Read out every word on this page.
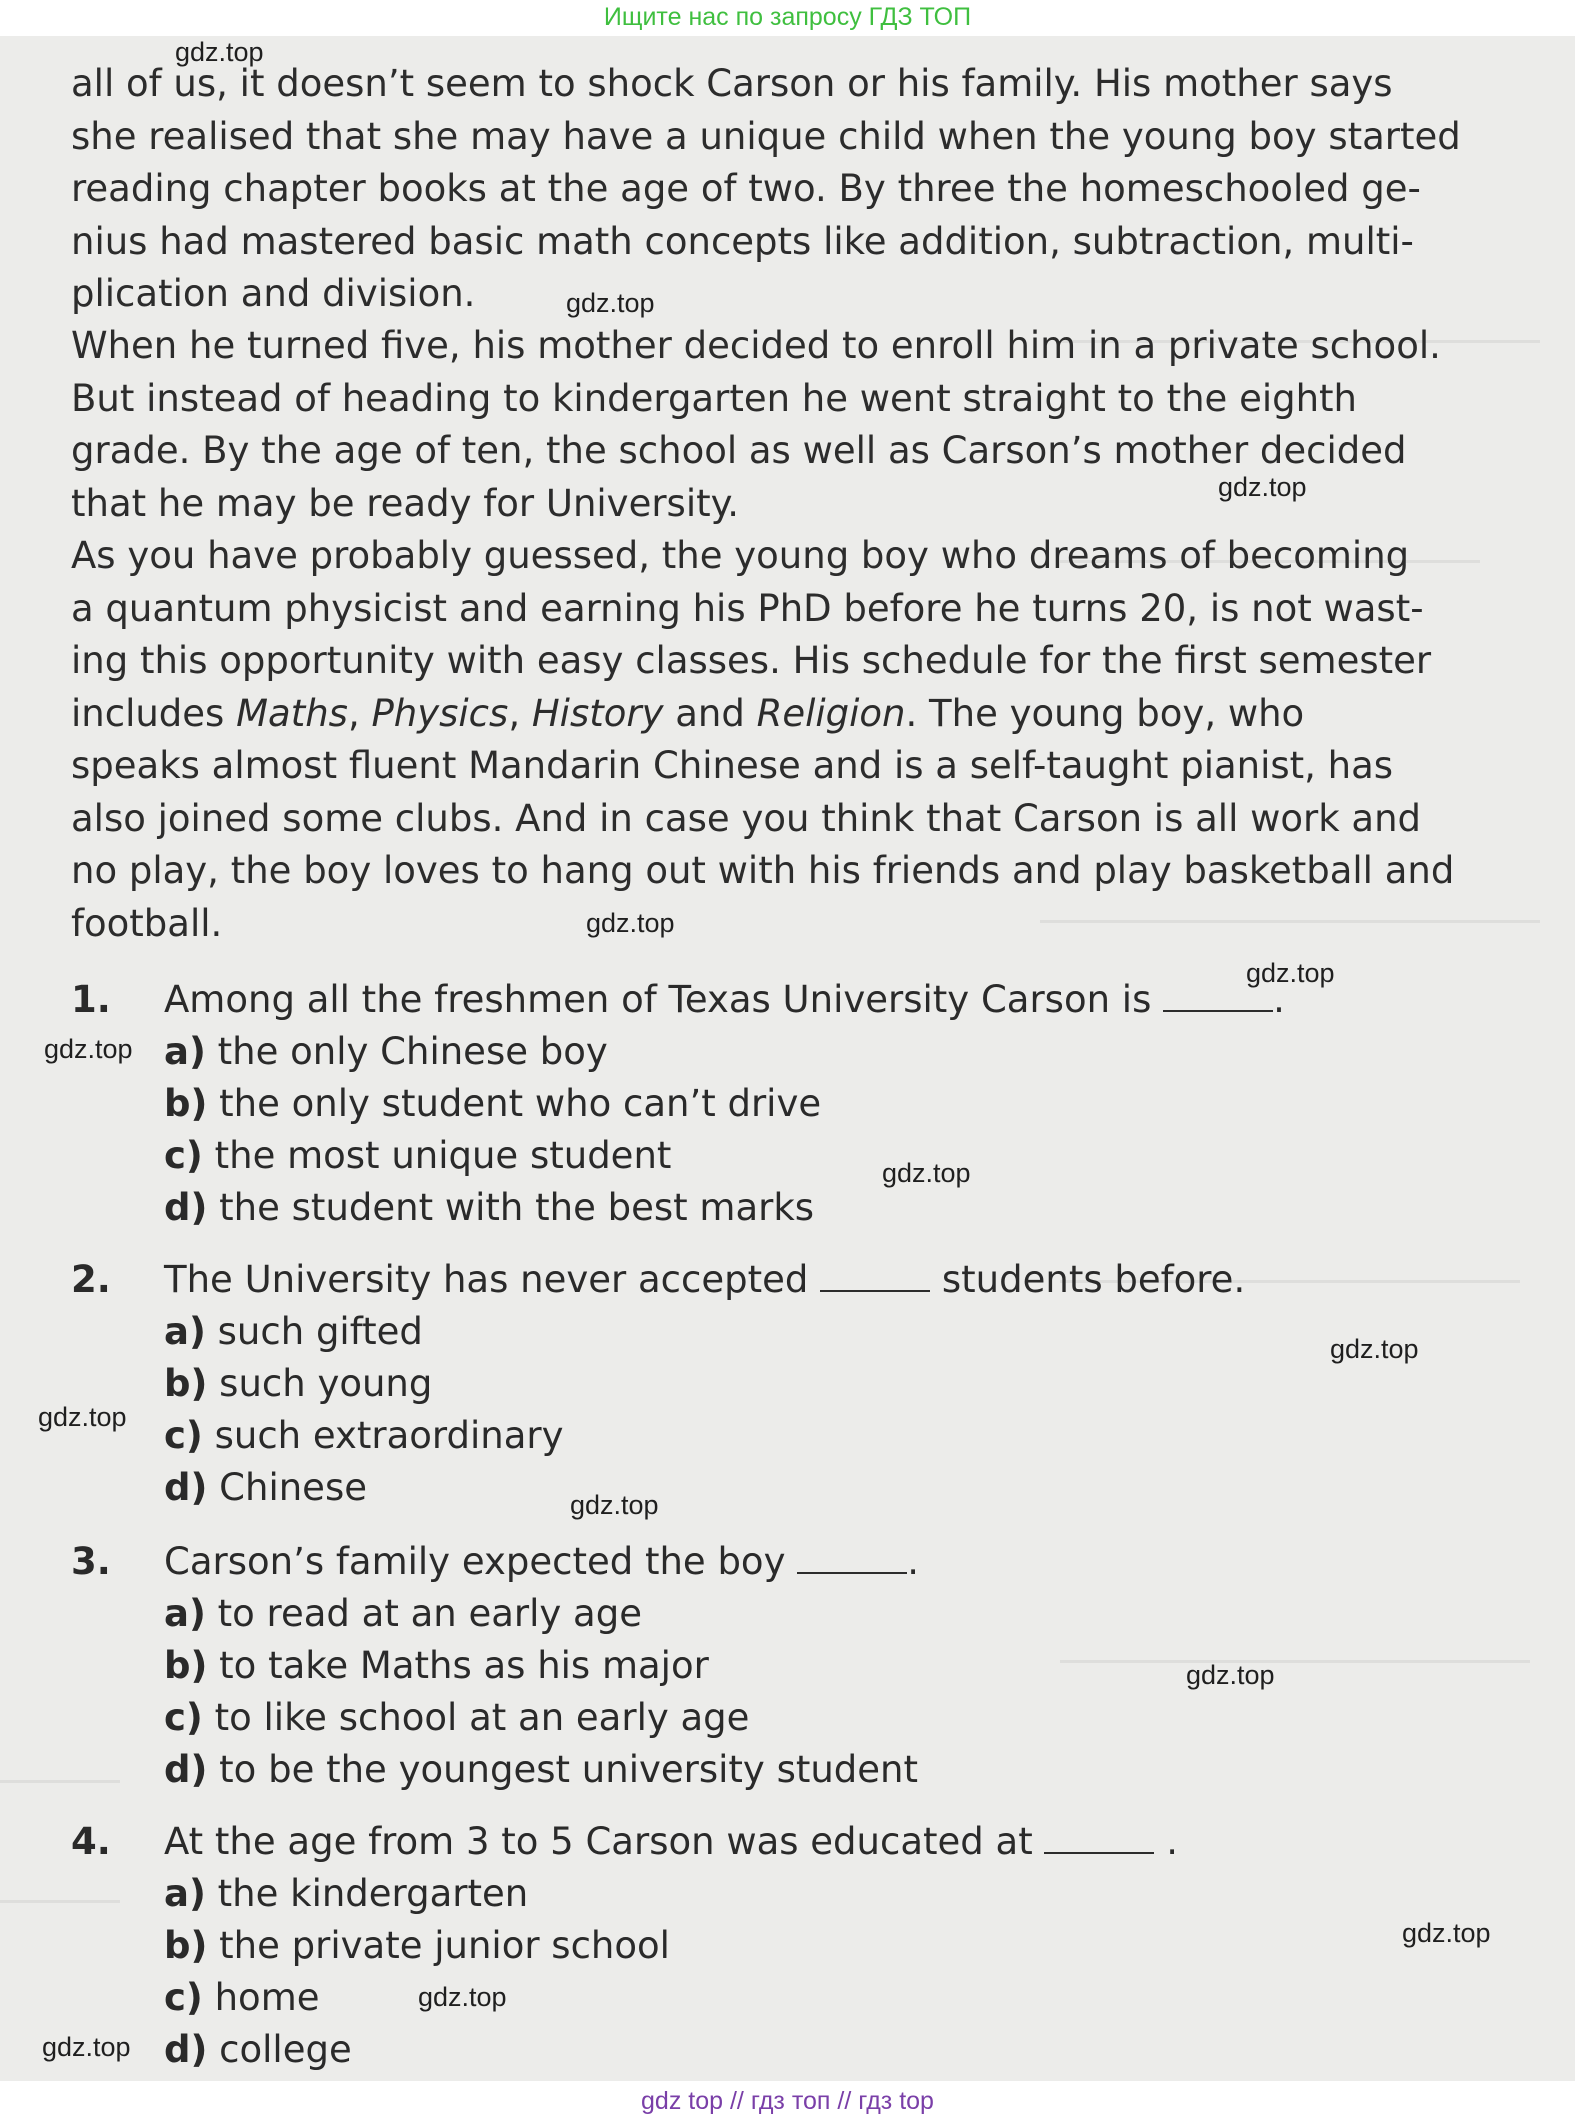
Ищите нас по запросу ГДЗ ТОП
all of us, it doesn’t seem to shock Carson or his family. His mother says
she realised that she may have a unique child when the young boy started
reading chapter books at the age of two. By three the homeschooled ge-
nius had mastered basic math concepts like addition, subtraction, multi-
plication and division.
When he turned five, his mother decided to enroll him in a private school.
But instead of heading to kindergarten he went straight to the eighth
grade. By the age of ten, the school as well as Carson’s mother decided
that he may be ready for University.
As you have probably guessed, the young boy who dreams of becoming
a quantum physicist and earning his PhD before he turns 20, is not wast-
ing this opportunity with easy classes. His schedule for the first semester
includes Maths, Physics, History and Religion. The young boy, who
speaks almost fluent Mandarin Chinese and is a self-taught pianist, has
also joined some clubs. And in case you think that Carson is all work and
no play, the boy loves to hang out with his friends and play basketball and
football.
1. Among all the freshmen of Texas University Carson is	.
a) the only Chinese boy
b) the only student who can’t drive
c) the most unique student
d) the student with the best marks
2. The University has never accepted	students before.
a) such gifted
b) such young
c) such extraordinary
d) Chinese
3. Carson’s family expected the boy	.
a) to read at an early age
b) to take Maths as his major
c) to like school at an early age
d) to be the youngest university student
4. At the age from 3 to 5 Carson was educated at	.
a) the kindergarten
b) the private junior school
c) home
d) college
gdz.top
gdz.top
gdz.top
gdz.top
gdz.top
gdz.top
gdz.top
gdz.top
gdz.top
gdz.top
gdz.top
gdz.top
gdz.top
gdz.top
gdz top // гдз топ // гдз top
